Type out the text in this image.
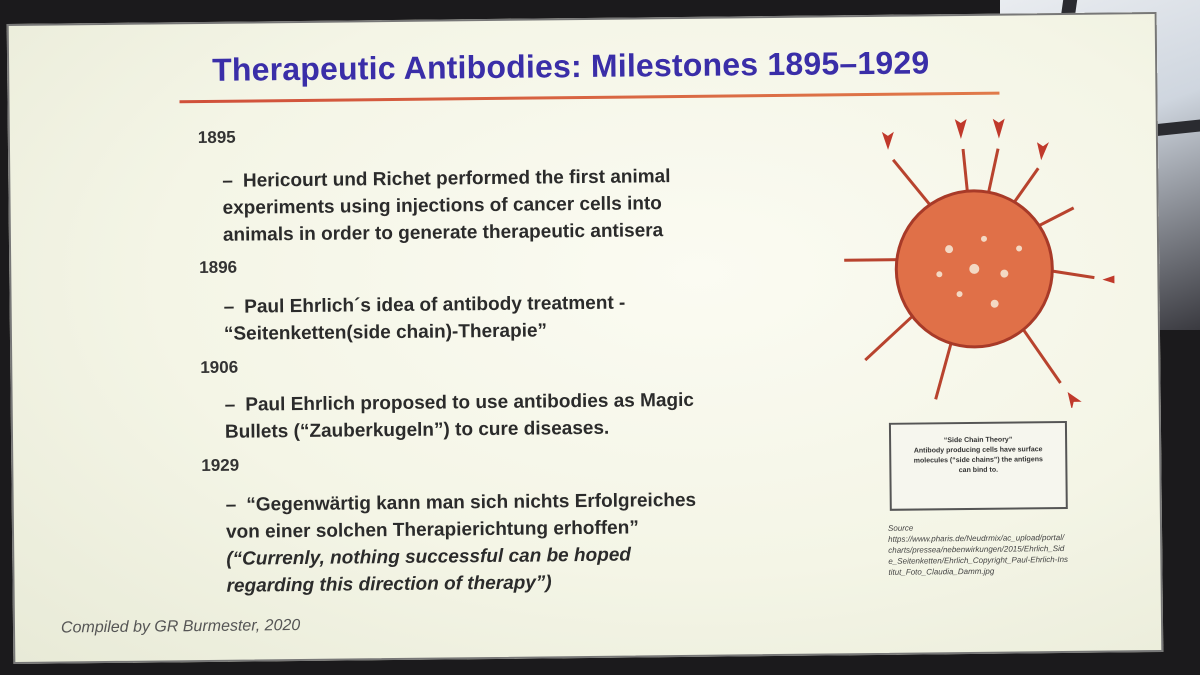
Therapeutic Antibodies: Milestones 1895–1929
1895
– Hericourt und Richet performed the first animal
experiments using injections of cancer cells into
animals in order to generate therapeutic antisera
1896
– Paul Ehrlich´s idea of antibody treatment -
“Seitenketten(side chain)-Therapie”
1906
– Paul Ehrlich proposed to use antibodies as Magic
Bullets (“Zauberkugeln”) to cure diseases.
1929
– “Gegenwärtig kann man sich nichts Erfolgreiches
von einer solchen Therapierichtung erhoffen”
(“Currenly, nothing successful can be hoped
regarding this direction of therapy”)
“Side Chain Theory”
Antibody producing cells have surface molecules (“side chains”) the antigens can bind to.
Source
https://www.pharis.de/Neudrmix/ac_upload/portal/charts/pressea/nebenwirkungen/2015/Ehrlich_Side_Seitenketten/Ehrlich_Copyright_Paul-Ehrlich-Institut_Foto_Claudia_Damm.jpg
Compiled by GR Burmester, 2020
